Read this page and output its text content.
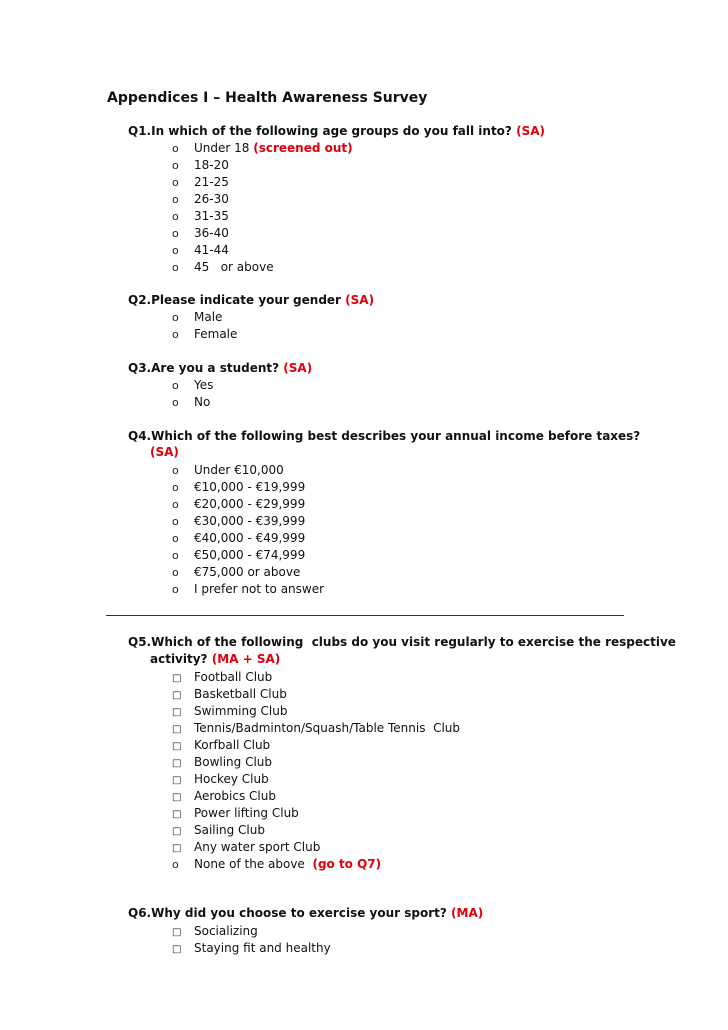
Appendices I – Health Awareness Survey
Q1.In which of the following age groups do you fall into? (SA)
o Under 18 (screened out)
o 18-20
o 21-25
o 26-30
o 31-35
o 36-40
o 41-44
o 45   or above
Q2.Please indicate your gender (SA)
o Male
o Female
Q3.Are you a student? (SA)
o Yes
o No
Q4.Which of the following best describes your annual income before taxes?
(SA)
o Under €10,000
o €10,000 - €19,999
o €20,000 - €29,999
o €30,000 - €39,999
o €40,000 - €49,999
o €50,000 - €74,999
o €75,000 or above
o I prefer not to answer
Q5.Which of the following  clubs do you visit regularly to exercise the respective
activity? (MA + SA)
□ Football Club
□ Basketball Club
□ Swimming Club
□ Tennis/Badminton/Squash/Table Tennis  Club
□ Korfball Club
□ Bowling Club
□ Hockey Club
□ Aerobics Club
□ Power lifting Club
□ Sailing Club
□ Any water sport Club
o None of the above (go to Q7)
Q6.Why did you choose to exercise your sport? (MA)
□ Socializing
□ Staying fit and healthy
